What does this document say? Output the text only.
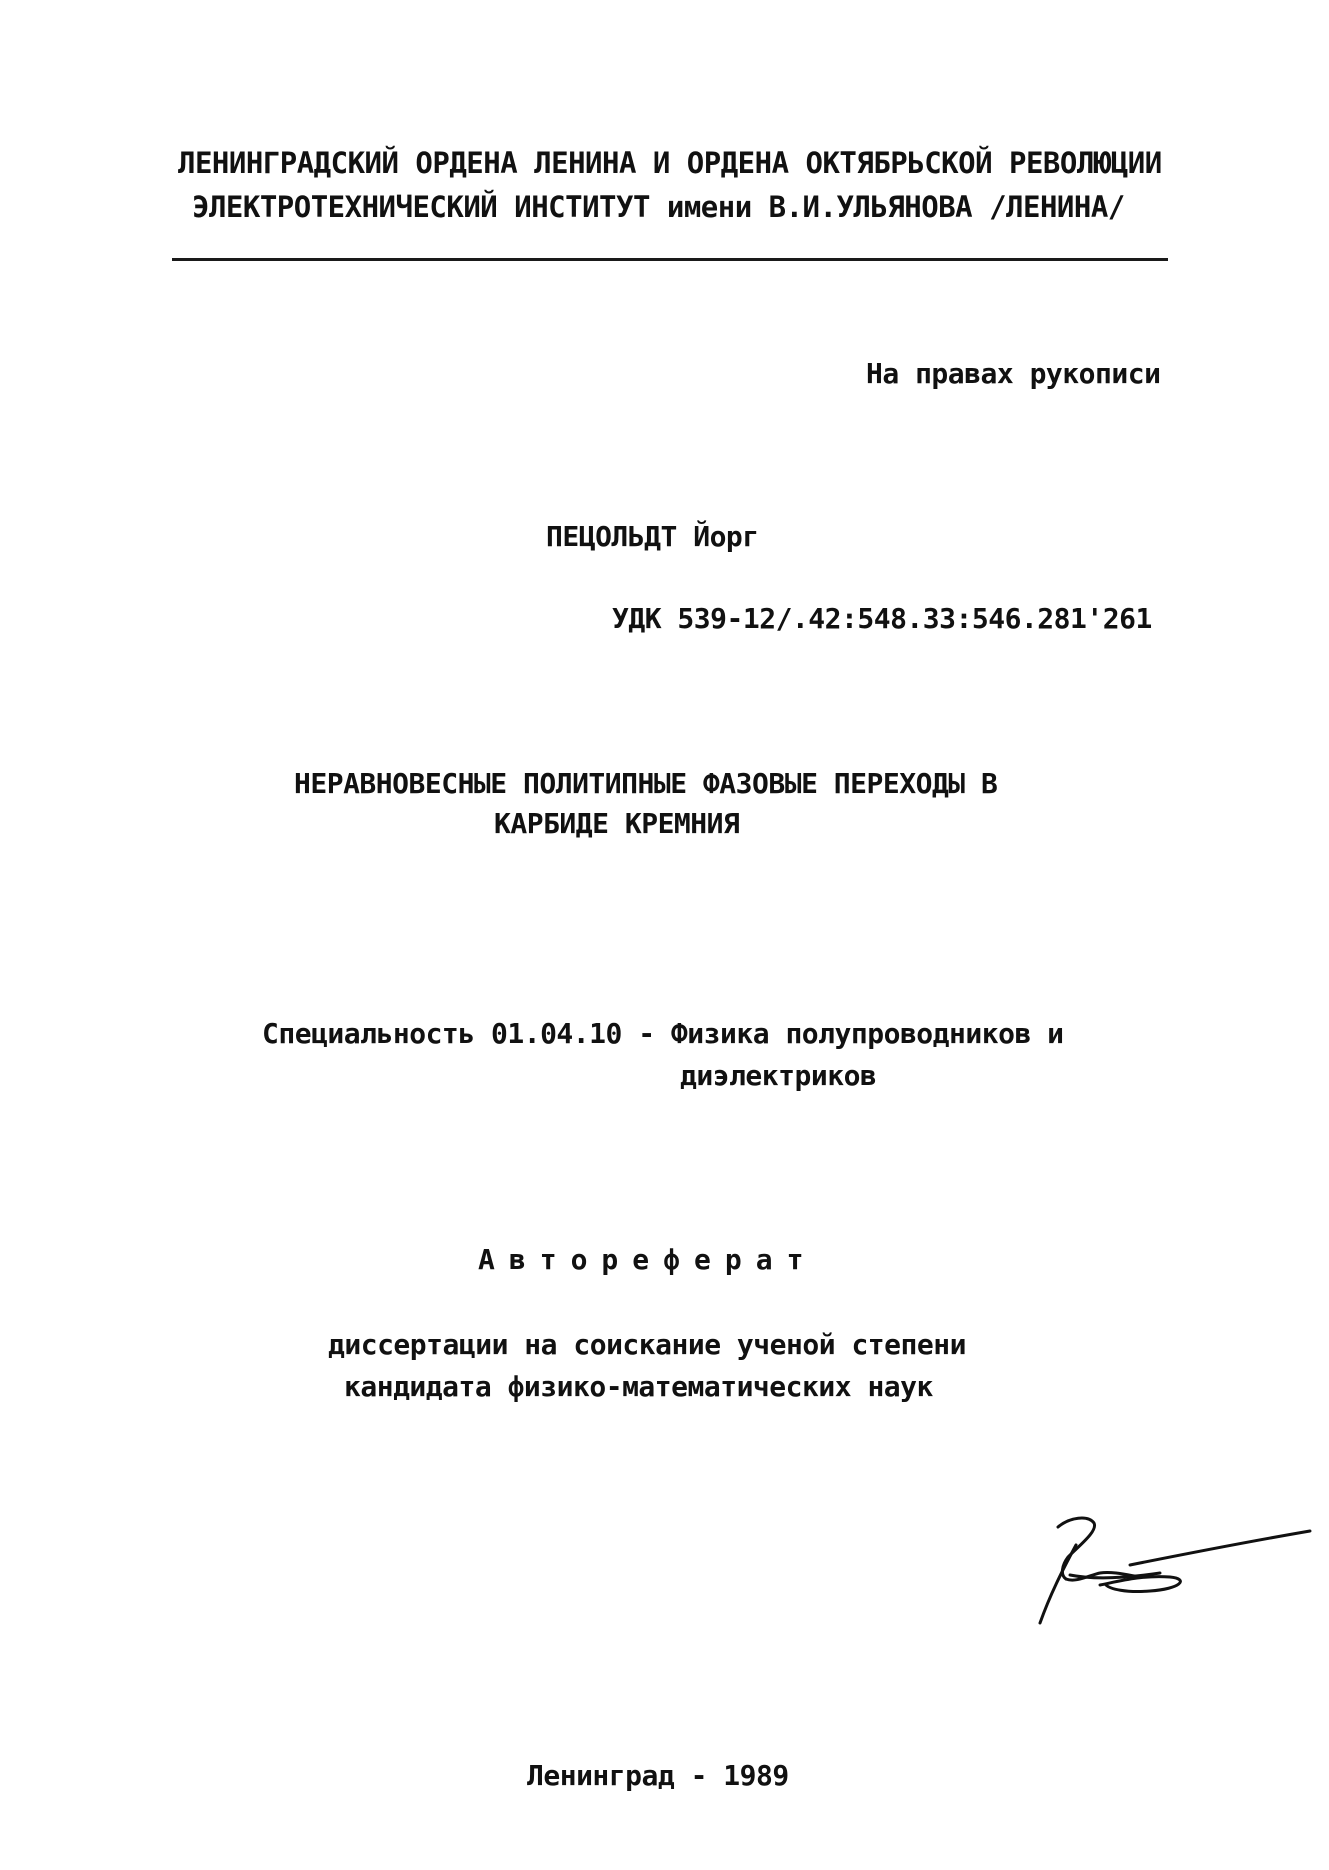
ЛЕНИНГРАДСКИЙ ОРДЕНА ЛЕНИНА И ОРДЕНА ОКТЯБРЬСКОЙ РЕВОЛЮЦИИ
ЭЛЕКТРОТЕХНИЧЕСКИЙ ИНСТИТУТ имени В.И.УЛЬЯНОВА /ЛЕНИНА/
На правах рукописи
ПЕЦОЛЬДТ Йорг
УДК 539-12/.42:548.33:546.281'261
НЕРАВНОВЕСНЫЕ ПОЛИТИПНЫЕ ФАЗОВЫЕ ПЕРЕХОДЫ В
КАРБИДЕ КРЕМНИЯ
Специальность 01.04.10 - Физика полупроводников и
диэлектриков
Автореферат
диссертации на соискание ученой степени
кандидата физико-математических наук
Ленинград - 1989
